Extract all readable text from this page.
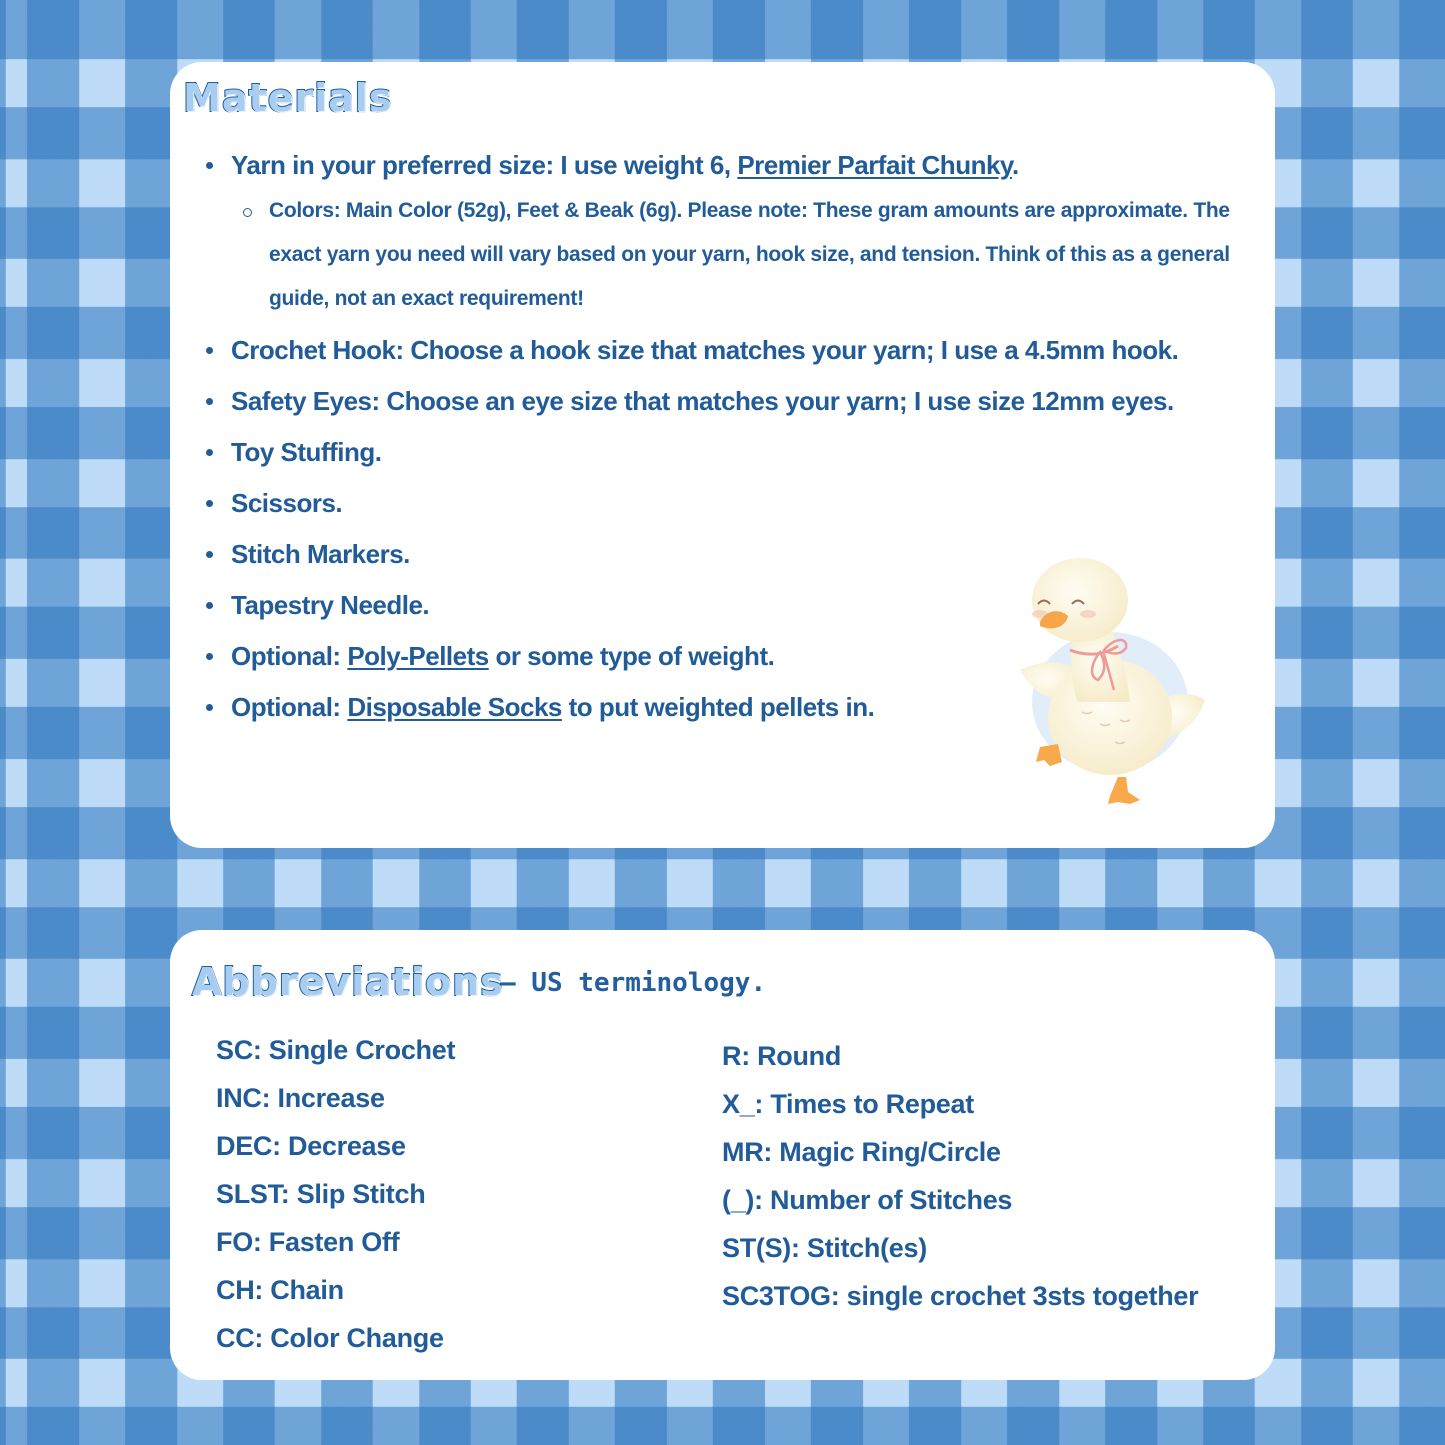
Materials
Yarn in your preferred size: I use weight 6, Premier Parfait Chunky.
Colors: Main Color (52g), Feet & Beak (6g). Please note: These gram amounts are approximate. The exact yarn you need will vary based on your yarn, hook size, and tension. Think of this as a general guide, not an exact requirement!
Crochet Hook: Choose a hook size that matches your yarn; I use a 4.5mm hook.
Safety Eyes: Choose an eye size that matches your yarn; I use size 12mm eyes.
Toy Stuffing.
Scissors.
Stitch Markers.
Tapestry Needle.
Optional: Poly-Pellets or some type of weight.
Optional: Disposable Socks to put weighted pellets in.
Abbreviations
— US terminology.
SC: Single Crochet
INC: Increase
DEC: Decrease
SLST: Slip Stitch
FO: Fasten Off
CH: Chain
CC: Color Change
R: Round
X_: Times to Repeat
MR: Magic Ring/Circle
(_): Number of Stitches
ST(S): Stitch(es)
SC3TOG: single crochet 3sts together
